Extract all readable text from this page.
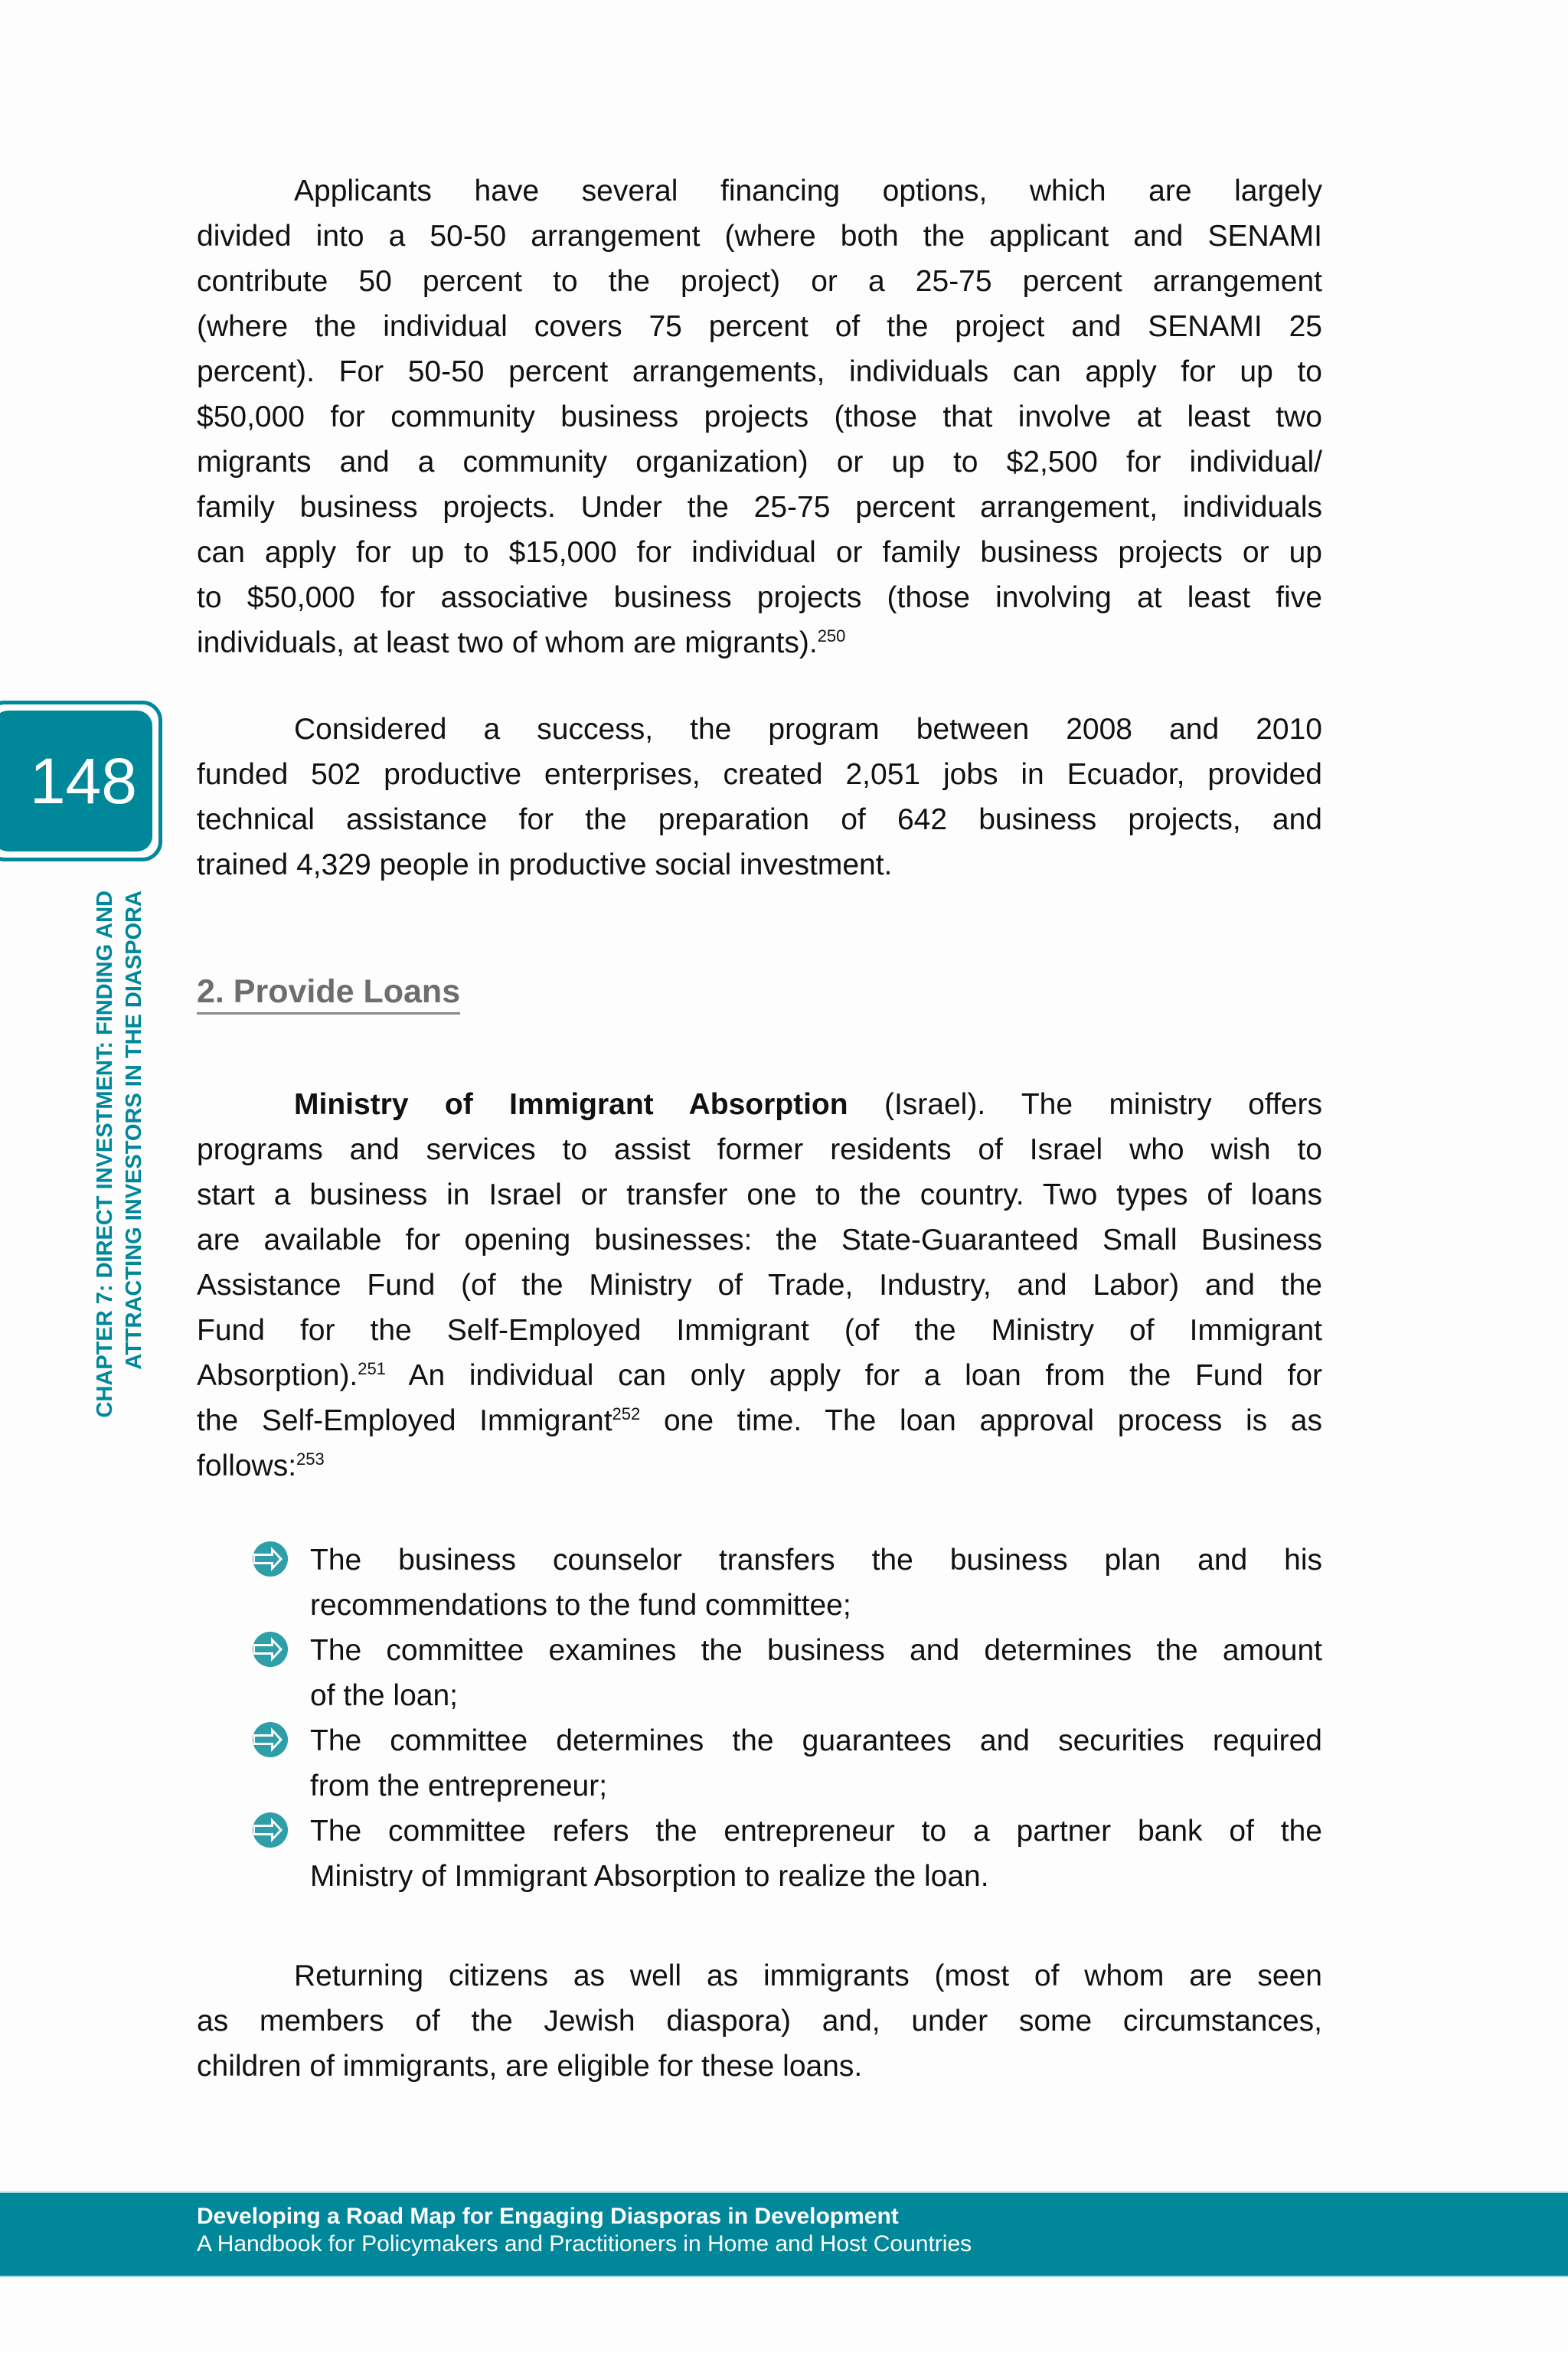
148
CHAPTER 7: DIRECT INVESTMENT: FINDING AND ATTRACTING INVESTORS IN THE DIASPORA
Applicants have several financing options, which are largely
divided into a 50-50 arrangement (where both the applicant and SENAMI
contribute 50 percent to the project) or a 25-75 percent arrangement
(where the individual covers 75 percent of the project and SENAMI 25
percent). For 50-50 percent arrangements, individuals can apply for up to
$50,000 for community business projects (those that involve at least two
migrants and a community organization) or up to $2,500 for individual/
family business projects. Under the 25-75 percent arrangement, individuals
can apply for up to $15,000 for individual or family business projects or up
to $50,000 for associative business projects (those involving at least five
individuals, at least two of whom are migrants).$^{250}$
Considered a success, the program between 2008 and 2010
funded 502 productive enterprises, created 2,051 jobs in Ecuador, provided
technical assistance for the preparation of 642 business projects, and
trained 4,329 people in productive social investment.
2. Provide Loans
Ministry of Immigrant Absorption (Israel). The ministry offers
programs and services to assist former residents of Israel who wish to
start a business in Israel or transfer one to the country. Two types of loans
are available for opening businesses: the State-Guaranteed Small Business
Assistance Fund (of the Ministry of Trade, Industry, and Labor) and the
Fund for the Self-Employed Immigrant (of the Ministry of Immigrant
Absorption).$^{251}$ An individual can only apply for a loan from the Fund for
the Self-Employed Immigrant$^{252}$ one time. The loan approval process is as
follows:$^{253}$
The business counselor transfers the business plan and his
recommendations to the fund committee;
The committee examines the business and determines the amount
of the loan;
The committee determines the guarantees and securities required
from the entrepreneur;
The committee refers the entrepreneur to a partner bank of the
Ministry of Immigrant Absorption to realize the loan.
Returning citizens as well as immigrants (most of whom are seen
as members of the Jewish diaspora) and, under some circumstances,
children of immigrants, are eligible for these loans.
Developing a Road Map for Engaging Diasporas in Development
A Handbook for Policymakers and Practitioners in Home and Host Countries
